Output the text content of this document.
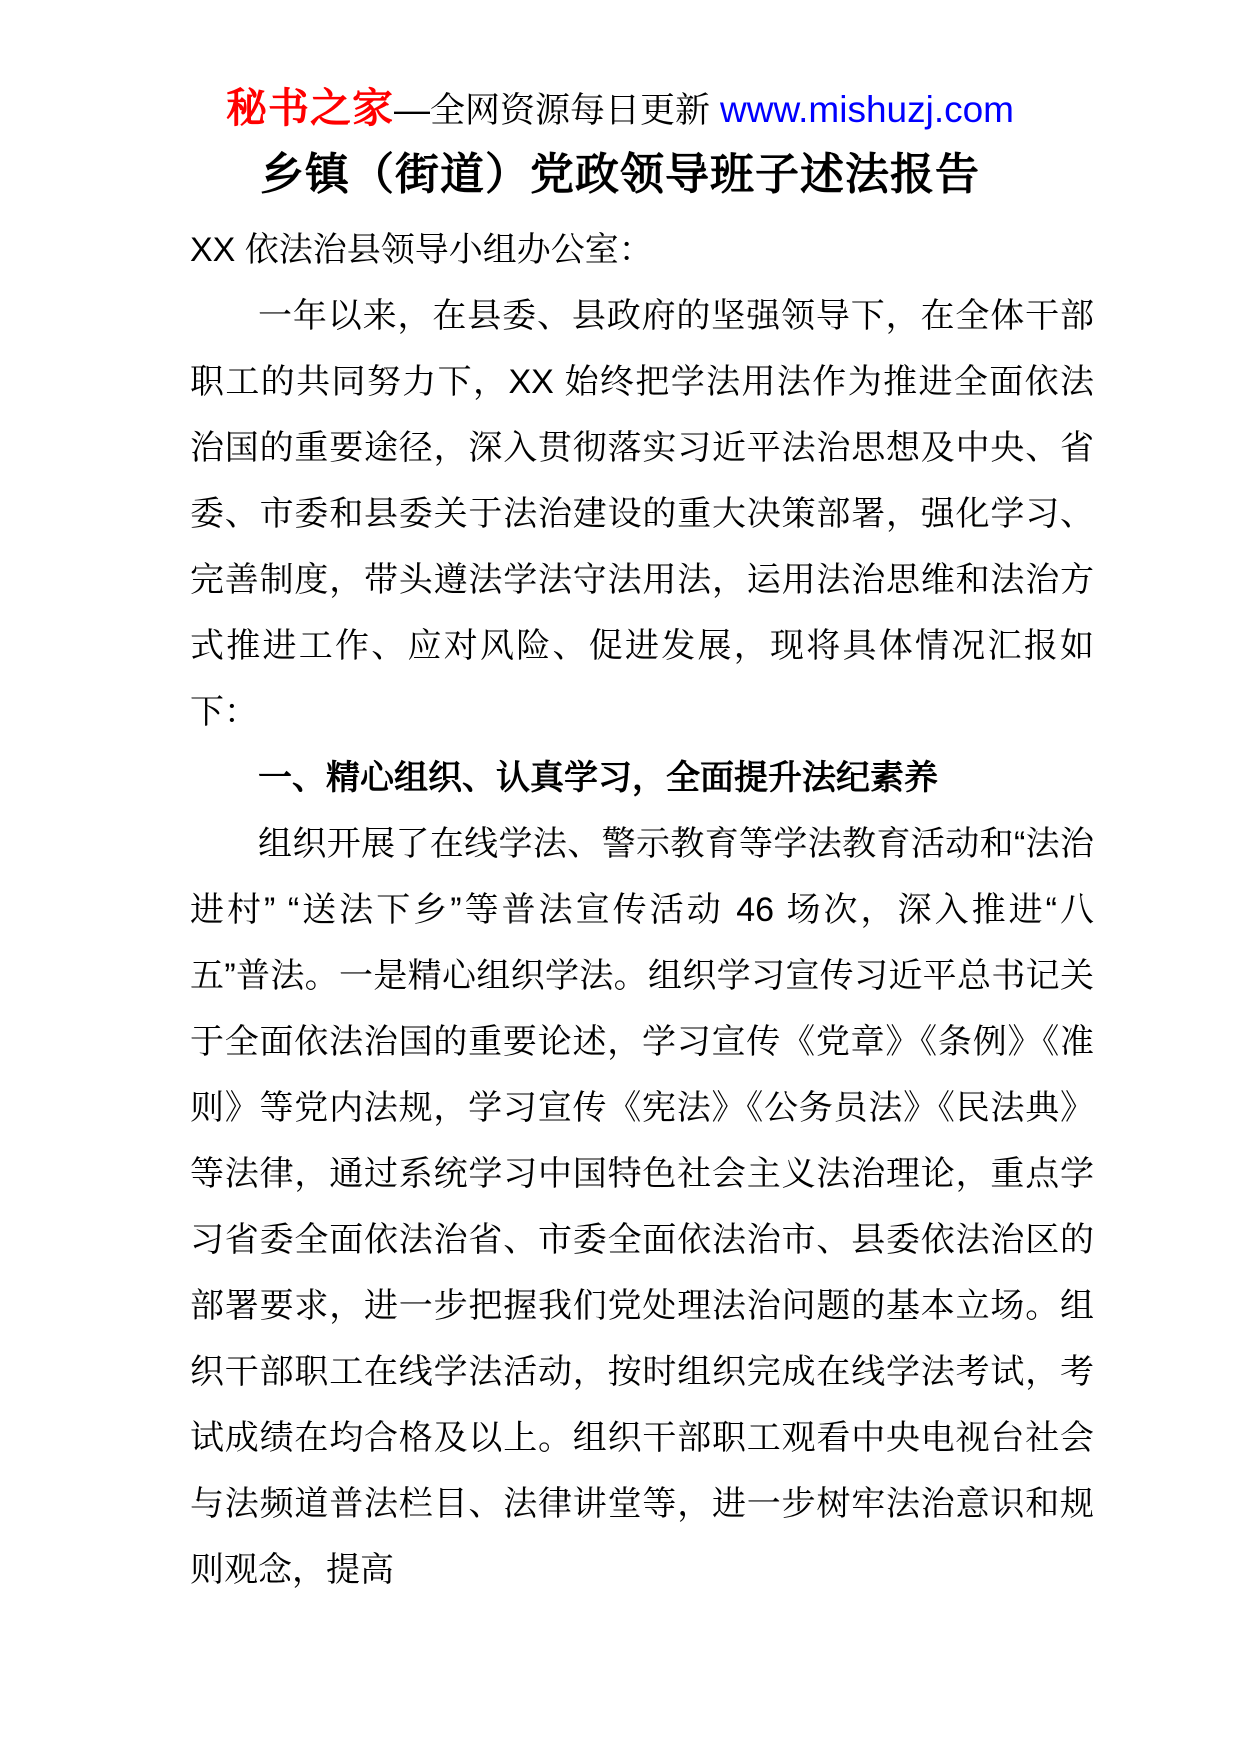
秘书之家—全网资源每日更新 www.mishuzj.com
乡镇（街道）党政领导班子述法报告

XX 依法治县领导小组办公室：

一年以来，在县委、县政府的坚强领导下，在全体干部职工的共同努力下，XX 始终把学法用法作为推进全面依法治国的重要途径，深入贯彻落实习近平法治思想及中央、省委、市委和县委关于法治建设的重大决策部署，强化学习、完善制度，带头遵法学法守法用法，运用法治思维和法治方式推进工作、应对风险、促进发展，现将具体情况汇报如下：

一、精心组织、认真学习，全面提升法纪素养

组织开展了在线学法、警示教育等学法教育活动和“法治进村” “送法下乡”等普法宣传活动 46 场次，深入推进“八五”普法。一是精心组织学法。组织学习宣传习近平总书记关于全面依法治国的重要论述，学习宣传《党章》《条例》《准则》等党内法规，学习宣传《宪法》《公务员法》《民法典》等法律，通过系统学习中国特色社会主义法治理论，重点学习省委全面依法治省、市委全面依法治市、县委依法治区的部署要求，进一步把握我们党处理法治问题的基本立场。组织干部职工在线学法活动，按时组织完成在线学法考试，考试成绩在均合格及以上。组织干部职工观看中央电视台社会与法频道普法栏目、法律讲堂等，进一步树牢法治意识和规则观念，提高
